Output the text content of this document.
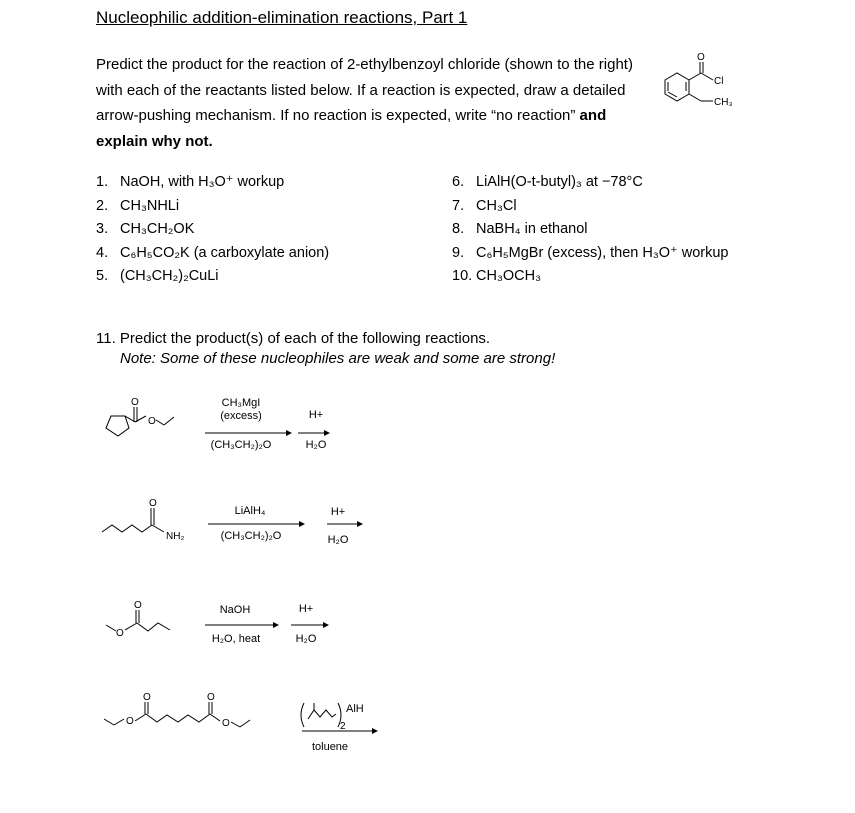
Nucleophilic addition-elimination reactions, Part 1
Predict the product for the reaction of 2-ethylbenzoyl chloride (shown to the right) with each of the reactants listed below. If a reaction is expected, draw a detailed arrow-pushing mechanism. If no reaction is expected, write “no reaction” and explain why not.
O
Cl
CH₃
1. NaOH, with H₃O⁺ workup
2. CH₃NHLi
3. CH₃CH₂OK
4. C₆H₅CO₂K (a carboxylate anion)
5. (CH₃CH₂)₂CuLi
6. LiAlH(O-t-butyl)₃ at −78°C
7. CH₃Cl
8. NaBH₄ in ethanol
9. C₆H₅MgBr (excess), then H₃O⁺ workup
10. CH₃OCH₃
11. Predict the product(s) of each of the following reactions.
Note: Some of these nucleophiles are weak and some are strong!
O
O
CH₃MgI
(excess)
(CH₃CH₂)₂O
H+
H₂O
O
NH₂
LiAlH₄
(CH₃CH₂)₂O
H+
H₂O
O
O	NaOH
H₂O, heat
H+
H₂O
O
O	O
O
AlH
2
toluene
